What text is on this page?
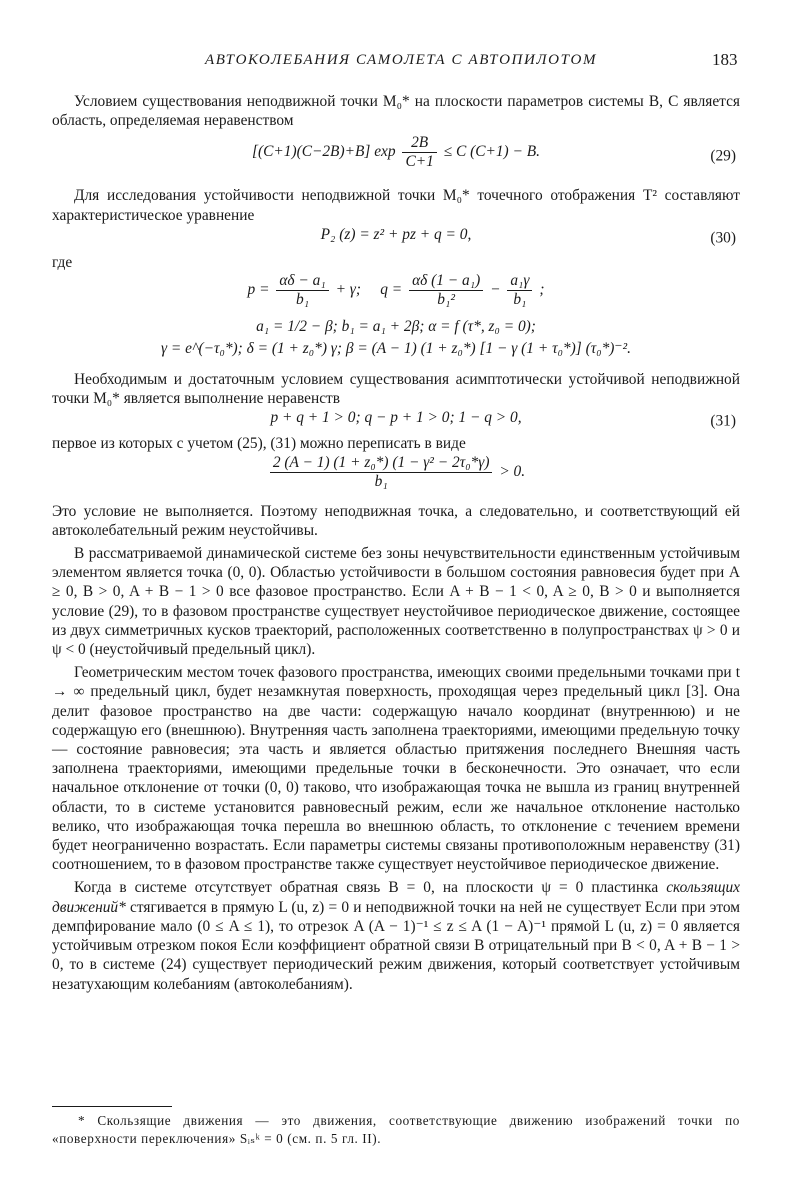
АВТОКОЛЕБАНИЯ САМОЛЕТА С АВТОПИЛОТОМ	183

Условием существования неподвижной точки M₀* на плоскости параметров системы B, C является область, определяемая неравенством

[(C+1)(C−2B)+B] $\exp \frac{2B}{C+1} \le C$ (C+1) − B.	(29)

Для исследования устойчивости неподвижной точки M₀* точечного отображения T² составляют характеристическое уравнение

P₂ (z) = z² + pz + q = 0,	(30)

где

$p = \frac{\text{αδ − a₁}}{\text{b₁}} + \gamma$; $q = \frac{\text{αδ (1 − a₁)}}{\text{b₁²}} - \frac{\text{a₁γ}}{\text{b₁}}$ ;

a₁ = 1/2 − β; b₁ = a₁ + 2β; α = f (τ*, z₀ = 0);

γ = e^(−τ₀*); δ = (1 + z₀*) γ; β = (A − 1) (1 + z₀*) [1 − γ (1 + τ₀*)] (τ₀*)⁻².

Необходимым и достаточным условием существования асимптотически устойчивой неподвижной точки M₀* является выполнение неравенств

p + q + 1 > 0; q − p + 1 > 0; 1 − q > 0,	(31)

первое из которых с учетом (25), (31) можно переписать в виде

$\frac{\text{2 (A − 1) (1 + z₀*) (1 − γ² − 2τ₀*γ)}}{\text{b₁}} > 0$.

Это условие не выполняется. Поэтому неподвижная точка, а следовательно, и соответствующий ей автоколебательный режим неустойчивы.

В рассматриваемой динамической системе без зоны нечувствительности единственным устойчивым элементом является точка (0, 0). Областью устойчивости в большом состояния равновесия будет при A ≥ 0, B > 0, A + B − 1 > 0 все фазовое пространство. Если A + B − 1 < 0, A ≥ 0, B > 0 и выполняется условие (29), то в фазовом пространстве существует неустойчивое периодическое движение, состоящее из двух симметричных кусков траекторий, расположенных соответственно в полупространствах ψ > 0 и ψ < 0 (неустойчивый предельный цикл).

Геометрическим местом точек фазового пространства, имеющих своими предельными точками при t → ∞ предельный цикл, будет незамкнутая поверхность, проходящая через предельный цикл [3]. Она делит фазовое пространство на две части: содержащую начало координат (внутреннюю) и не содержащую его (внешнюю). Внутренняя часть заполнена траекториями, имеющими предельную точку — состояние равновесия; эта часть и является областью притяжения последнего Внешняя часть заполнена траекториями, имеющими предельные точки в бесконечности. Это означает, что если начальное отклонение от точки (0, 0) таково, что изображающая точка не вышла из границ внутренней области, то в системе установится равновесный режим, если же начальное отклонение настолько велико, что изображающая точка перешла во внешнюю область, то отклонение с течением времени будет неограниченно возрастать. Если параметры системы связаны противоположным неравенству (31) соотношением, то в фазовом пространстве также существует неустойчивое периодическое движение.

Когда в системе отсутствует обратная связь B = 0, на плоскости ψ = 0 пластинка скользящих движений* стягивается в прямую L (u, z) = 0 и неподвижной точки на ней не существует Если при этом демпфирование мало (0 ≤ A ≤ 1), то отрезок A (A − 1)⁻¹ ≤ z ≤ A (1 − A)⁻¹ прямой L (u, z) = 0 является устойчивым отрезком покоя Если коэффициент обратной связи B отрицательный при B < 0, A + B − 1 > 0, то в системе (24) существует периодический режим движения, который соответствует устойчивым незатухающим колебаниям (автоколебаниям).

* Скользящие движения — это движения, соответствующие движению изображений точки по «поверхности переключения» Sᵢₛᵏ = 0 (см. п. 5 гл. II).
